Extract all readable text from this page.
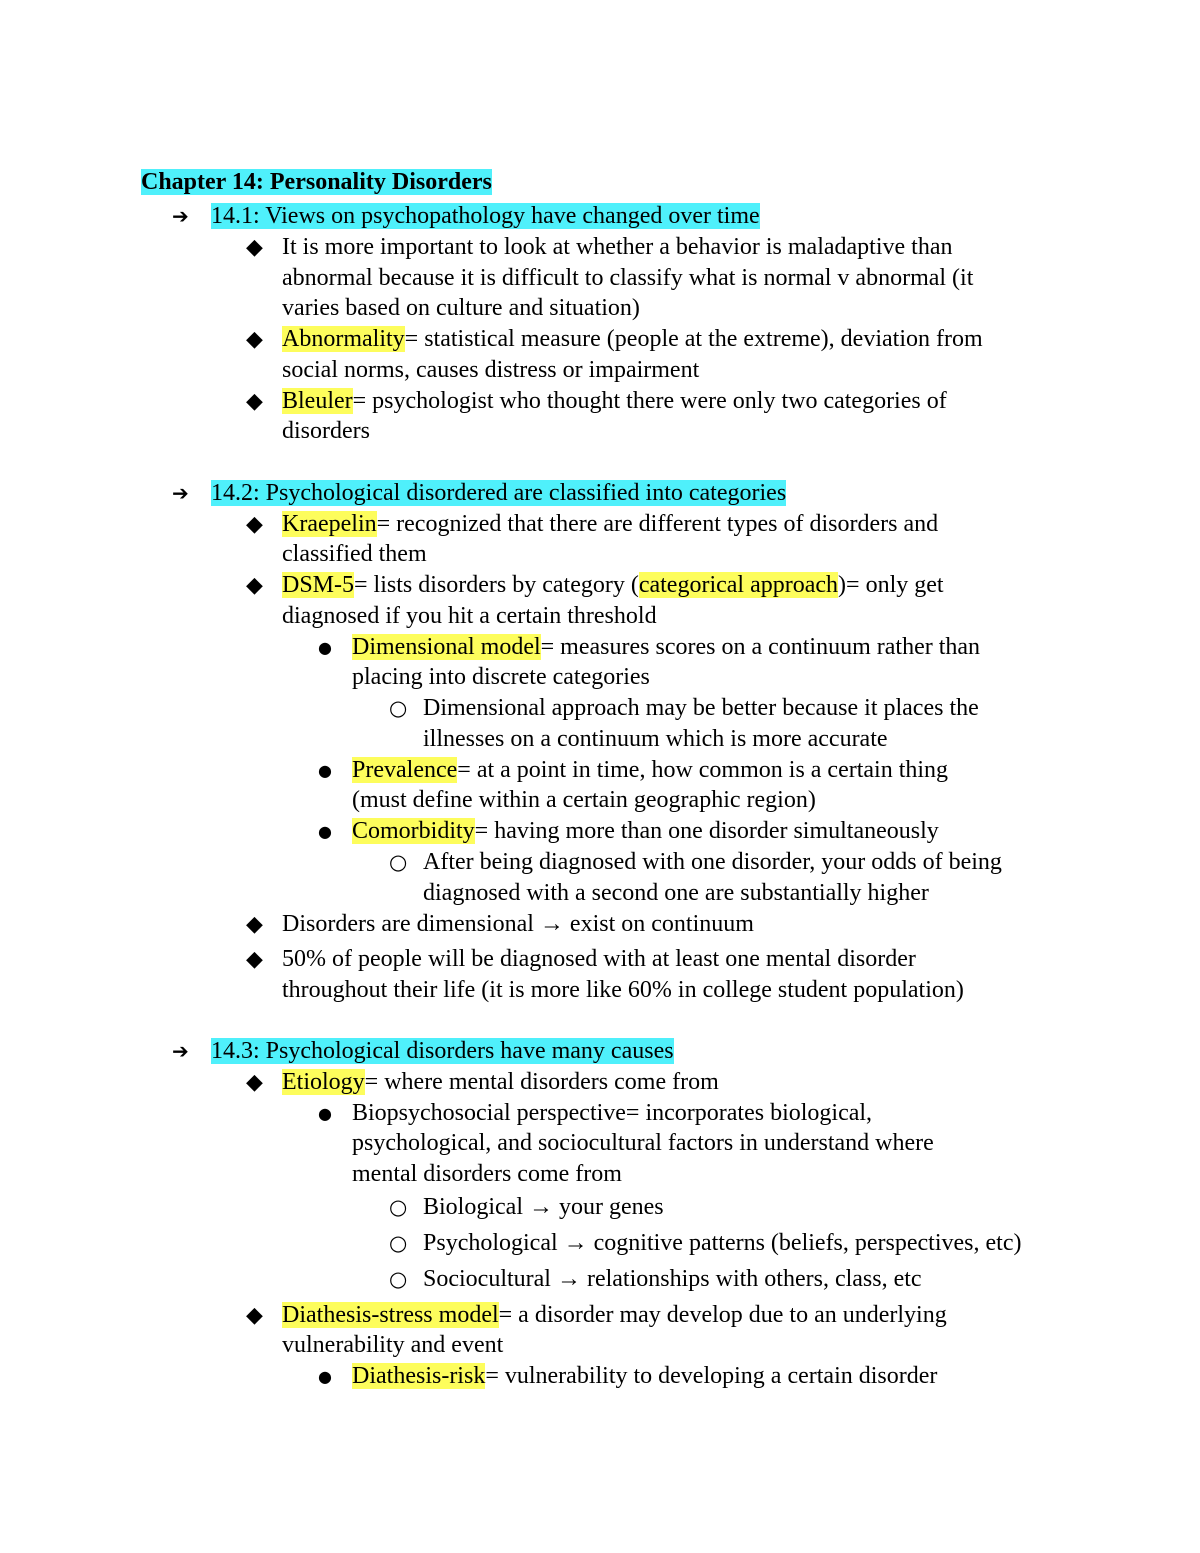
Chapter 14: Personality Disorders
➔ 14.1: Views on psychopathology have changed over time
◆ It is more important to look at whether a behavior is maladaptive than
abnormal because it is difficult to classify what is normal v abnormal (it
varies based on culture and situation)
◆ Abnormality= statistical measure (people at the extreme), deviation from
social norms, causes distress or impairment
◆ Bleuler= psychologist who thought there were only two categories of
disorders
➔ 14.2: Psychological disordered are classified into categories
◆ Kraepelin= recognized that there are different types of disorders and
classified them
◆ DSM-5= lists disorders by category (categorical approach)= only get
diagnosed if you hit a certain threshold
● Dimensional model= measures scores on a continuum rather than
placing into discrete categories
○ Dimensional approach may be better because it places the
illnesses on a continuum which is more accurate
● Prevalence= at a point in time, how common is a certain thing
(must define within a certain geographic region)
● Comorbidity= having more than one disorder simultaneously
○ After being diagnosed with one disorder, your odds of being
diagnosed with a second one are substantially higher
◆ Disorders are dimensional → exist on continuum
◆ 50% of people will be diagnosed with at least one mental disorder
throughout their life (it is more like 60% in college student population)
➔ 14.3: Psychological disorders have many causes
◆ Etiology= where mental disorders come from
● Biopsychosocial perspective= incorporates biological,
psychological, and sociocultural factors in understand where
mental disorders come from
○ Biological → your genes
○ Psychological → cognitive patterns (beliefs, perspectives, etc)
○ Sociocultural → relationships with others, class, etc
◆ Diathesis-stress model= a disorder may develop due to an underlying
vulnerability and event
● Diathesis-risk= vulnerability to developing a certain disorder
